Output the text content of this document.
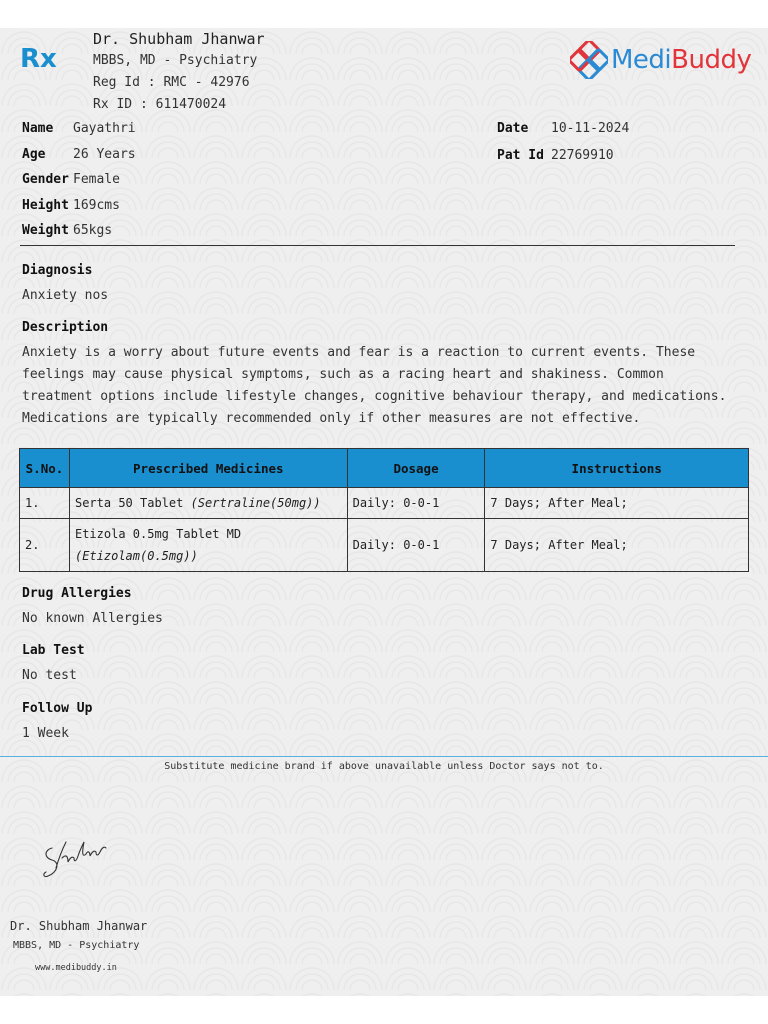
Rx
Dr. Shubham Jhanwar
MBBS, MD - Psychiatry
Reg Id : RMC - 42976
Rx ID : 611470024
MediBuddy
Name Gayathri
Age 26 Years
Gender Female
Height 169cms
Weight 65kgs
Date 10-11-2024
Pat Id 22769910
Diagnosis
Anxiety nos
Description
Anxiety is a worry about future events and fear is a reaction to current events. These feelings may cause physical symptoms, such as a racing heart and shakiness. Common treatment options include lifestyle changes, cognitive behaviour therapy, and medications. Medications are typically recommended only if other measures are not effective.
S.No.	Prescribed Medicines	Dosage	Instructions
1.	Serta 50 Tablet (Sertraline(50mg))	Daily: 0-0-1	7 Days; After Meal;
2.	Etizola 0.5mg Tablet MD
(Etizolam(0.5mg))	Daily: 0-0-1	7 Days; After Meal;
Drug Allergies
No known Allergies
Lab Test
No test
Follow Up
1 Week
Substitute medicine brand if above unavailable unless Doctor says not to.
Dr. Shubham Jhanwar
MBBS, MD - Psychiatry
www.medibuddy.in
